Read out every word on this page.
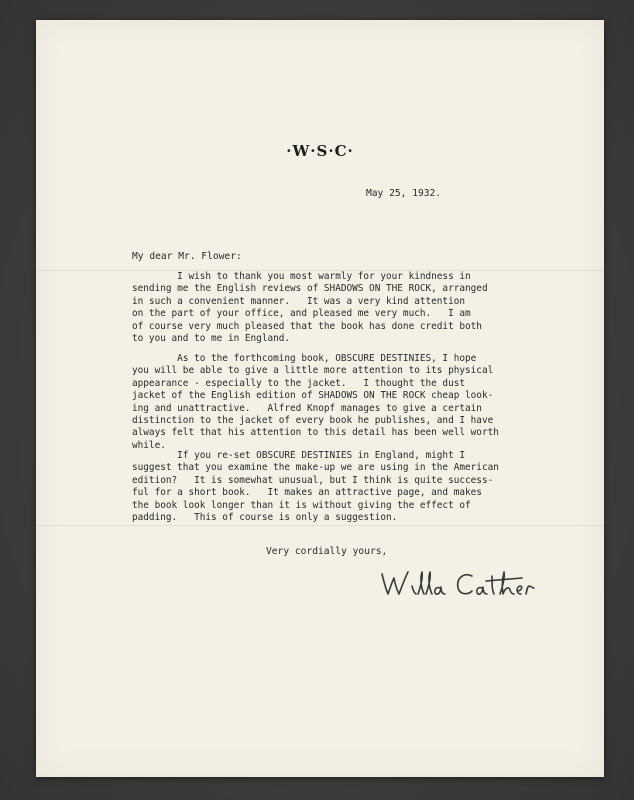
·W·S·C·
May 25, 1932.
My dear Mr. Flower:
I wish to thank you most warmly for your kindness in
sending me the English reviews of SHADOWS ON THE ROCK, arranged
in such a convenient manner.   It was a very kind attention
on the part of your office, and pleased me very much.   I am
of course very much pleased that the book has done credit both
to you and to me in England.
As to the forthcoming book, OBSCURE DESTINIES, I hope
you will be able to give a little more attention to its physical
appearance - especially to the jacket.   I thought the dust
jacket of the English edition of SHADOWS ON THE ROCK cheap look-
ing and unattractive.   Alfred Knopf manages to give a certain
distinction to the jacket of every book he publishes, and I have
always felt that his attention to this detail has been well worth
while.
If you re-set OBSCURE DESTINIES in England, might I
suggest that you examine the make-up we are using in the American
edition?   It is somewhat unusual, but I think is quite success-
ful for a short book.   It makes an attractive page, and makes
the book look longer than it is without giving the effect of
padding.   This of course is only a suggestion.
Very cordially yours,
